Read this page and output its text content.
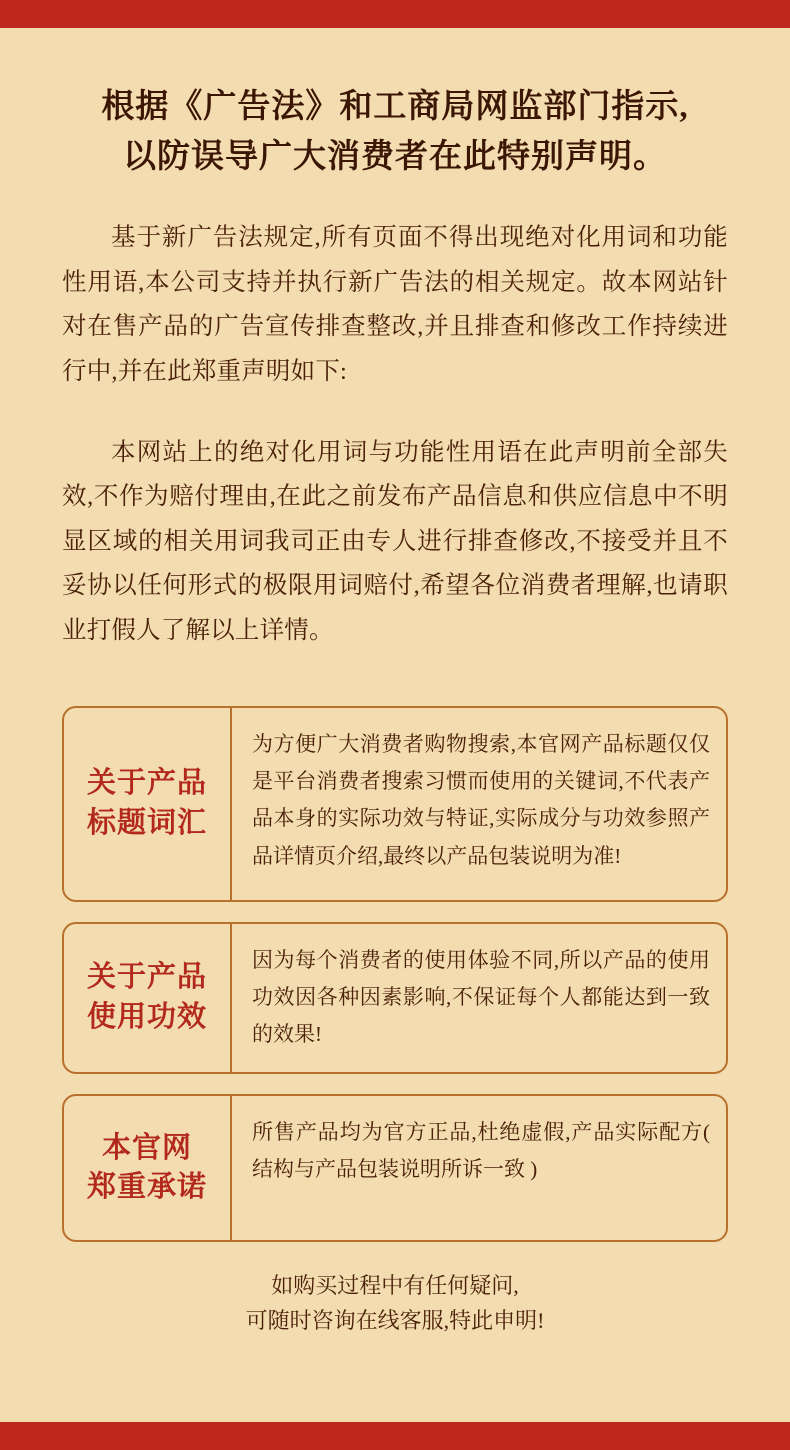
根据《广告法》和工商局网监部门指示,
以防误导广大消费者在此特别声明。

基于新广告法规定,所有页面不得出现绝对化用词和功能性用语,本公司支持并执行新广告法的相关规定。故本网站针对在售产品的广告宣传排查整改,并且排查和修改工作持续进行中,并在此郑重声明如下:

本网站上的绝对化用词与功能性用语在此声明前全部失效,不作为赔付理由,在此之前发布产品信息和供应信息中不明显区域的相关用词我司正由专人进行排查修改,不接受并且不妥协以任何形式的极限用词赔付,希望各位消费者理解,也请职业打假人了解以上详情。

关于产品
标题词汇
为方便广大消费者购物搜索,本官网产品标题仅仅是平台消费者搜索习惯而使用的关键词,不代表产品本身的实际功效与特证,实际成分与功效参照产品详情页介绍,最终以产品包装说明为准!
关于产品
使用功效
因为每个消费者的使用体验不同,所以产品的使用功效因各种因素影响,不保证每个人都能达到一致的效果!
本官网
郑重承诺
所售产品均为官方正品,杜绝虚假,产品实际配方( 结构与产品包装说明所诉一致 )
如购买过程中有任何疑问,
可随时咨询在线客服,特此申明!
